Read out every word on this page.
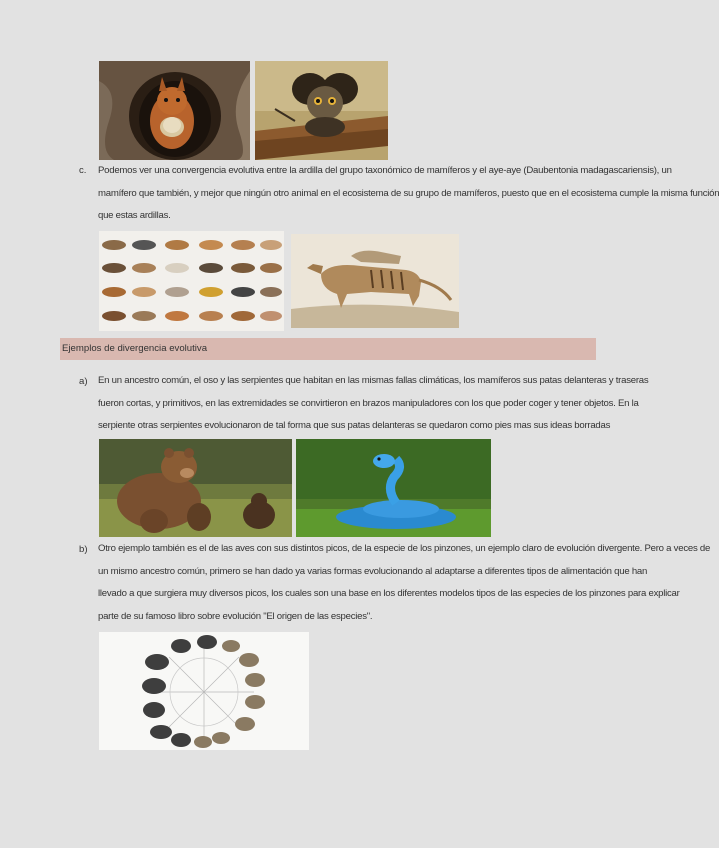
c. Podemos ver una convergencia evolutiva entre la ardilla del grupo taxonómico de mamíferos y el aye-aye (Daubentonia madagascariensis), un
mamífero que también, y mejor que ningún otro animal en el ecosistema de su grupo de mamíferos, puesto que en el ecosistema cumple la misma función
que estas ardillas.
Ejemplos de divergencia evolutiva
a) En un ancestro común, el oso y las serpientes que habitan en las mismas fallas climáticas, los mamíferos sus patas delanteras y traseras
fueron cortas, y primitivos, en las extremidades se convirtieron en brazos manipuladores con los que poder coger y tener objetos. En la
serpiente otras serpientes evolucionaron de tal forma que sus patas delanteras se quedaron como pies mas sus ideas borradas
b) Otro ejemplo también es el de las aves con sus distintos picos, de la especie de los pinzones, un ejemplo claro de evolución divergente. Pero a veces de
un mismo ancestro común, primero se han dado ya varias formas evolucionando al adaptarse a diferentes tipos de alimentación que han
llevado a que surgiera muy diversos picos, los cuales son una base en los diferentes modelos tipos de las especies de los pinzones para explicar
parte de su famoso libro sobre evolución "El origen de las especies".
